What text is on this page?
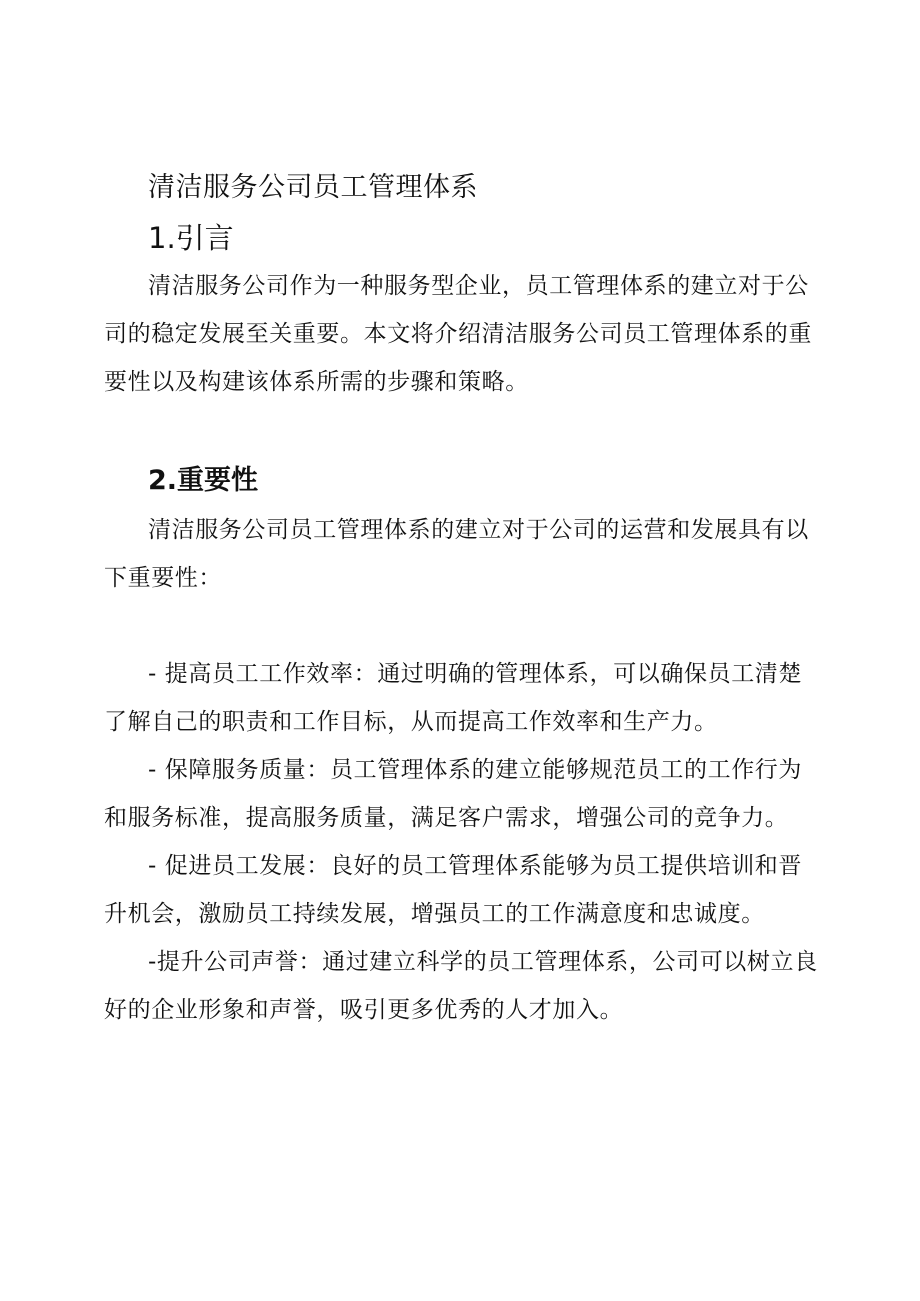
清洁服务公司员工管理体系
1.引言

清洁服务公司作为一种服务型企业，员工管理体系的建立对于公

司的稳定发展至关重要。本文将介绍清洁服务公司员工管理体系的重

要性以及构建该体系所需的步骤和策略。

2.重要性

清洁服务公司员工管理体系的建立对于公司的运营和发展具有以

下重要性：

- 提高员工工作效率：通过明确的管理体系，可以确保员工清楚

了解自己的职责和工作目标，从而提高工作效率和生产力。

- 保障服务质量：员工管理体系的建立能够规范员工的工作行为

和服务标准，提高服务质量，满足客户需求，增强公司的竞争力。

- 促进员工发展：良好的员工管理体系能够为员工提供培训和晋

升机会，激励员工持续发展，增强员工的工作满意度和忠诚度。

-提升公司声誉：通过建立科学的员工管理体系，公司可以树立良

好的企业形象和声誉，吸引更多优秀的人才加入。
